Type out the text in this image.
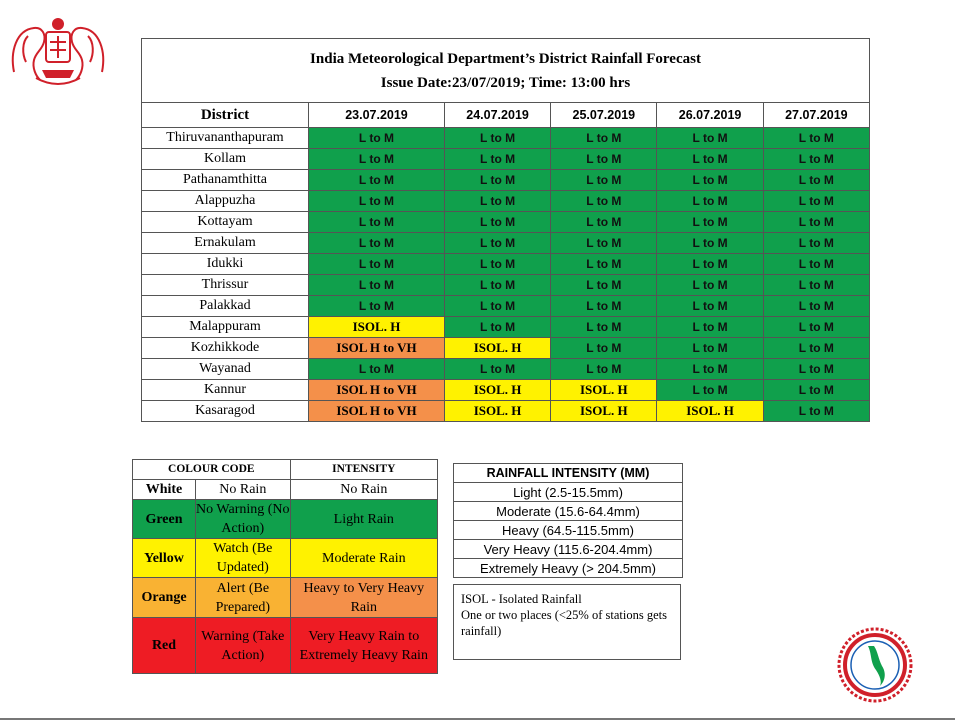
India Meteorological Department’s District Rainfall Forecast
Issue Date:23/07/2019; Time: 13:00 hrs					

District	23.07.2019	24.07.2019	25.07.2019	26.07.2019	27.07.2019
Thiruvananthapuram	L to M	L to M	L to M	L to M	L to M
Kollam	L to M	L to M	L to M	L to M	L to M
Pathanamthitta	L to M	L to M	L to M	L to M	L to M
Alappuzha	L to M	L to M	L to M	L to M	L to M
Kottayam	L to M	L to M	L to M	L to M	L to M
Ernakulam	L to M	L to M	L to M	L to M	L to M
Idukki	L to M	L to M	L to M	L to M	L to M
Thrissur	L to M	L to M	L to M	L to M	L to M
Palakkad	L to M	L to M	L to M	L to M	L to M
Malappuram	ISOL. H	L to M	L to M	L to M	L to M
Kozhikkode	ISOL H to VH	ISOL. H	L to M	L to M	L to M
Wayanad	L to M	L to M	L to M	L to M	L to M
Kannur	ISOL H to VH	ISOL. H	ISOL. H	L to M	L to M
Kasaragod	ISOL H to VH	ISOL. H	ISOL. H	ISOL. H	L to M
COLOUR CODE		INTENSITY
White	No Rain	No Rain
Green	No Warning (No Action)	Light Rain
Yellow	Watch (Be Updated)	Moderate Rain
Orange	Alert (Be Prepared)	Heavy to Very Heavy Rain
Red	Warning (Take Action)	Very Heavy Rain to Extremely Heavy Rain
RAINFALL INTENSITY (MM)
Light (2.5-15.5mm)
Moderate (15.6-64.4mm)
Heavy (64.5-115.5mm)
Very Heavy (115.6-204.4mm)
Extremely Heavy (> 204.5mm)
ISOL - Isolated Rainfall
One or two places (<25% of stations gets rainfall)
